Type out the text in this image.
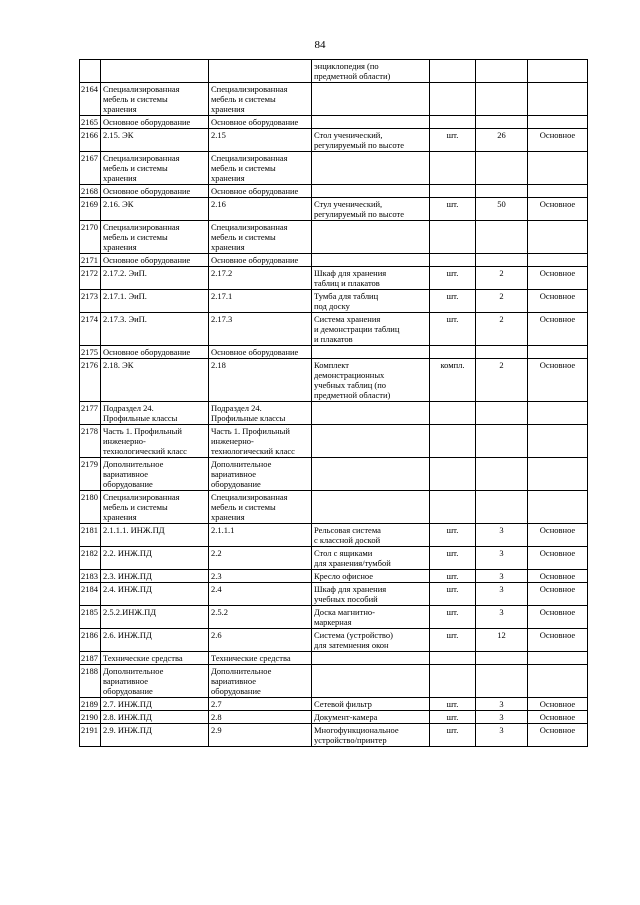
84
			энциклопедия (по
предметной области)			
2164	Специализированная
мебель и системы
хранения	Специализированная
мебель и системы
хранения				
2165	Основное оборудование	Основное оборудование				
2166	2.15. ЭК	2.15	Стол ученический,
регулируемый по высоте	шт.	26	Основное
2167	Специализированная
мебель и системы
хранения	Специализированная
мебель и системы
хранения				
2168	Основное оборудование	Основное оборудование				
2169	2.16. ЭК	2.16	Стул ученический,
регулируемый по высоте	шт.	50	Основное
2170	Специализированная
мебель и системы
хранения	Специализированная
мебель и системы
хранения				
2171	Основное оборудование	Основное оборудование				
2172	2.17.2. ЭиП.	2.17.2	Шкаф для хранения
таблиц и плакатов	шт.	2	Основное
2173	2.17.1. ЭиП.	2.17.1	Тумба для таблиц
под доску	шт.	2	Основное
2174	2.17.3. ЭиП.	2.17.3	Система хранения
и демонстрации таблиц
и плакатов	шт.	2	Основное
2175	Основное оборудование	Основное оборудование				
2176	2.18. ЭК	2.18	Комплект
демонстрационных
учебных таблиц (по
предметной области)	компл.	2	Основное
2177	Подраздел 24.
Профильные классы	Подраздел 24.
Профильные классы				
2178	Часть 1. Профильный
инженерно-
технологический класс	Часть 1. Профильный
инженерно-
технологический класс				
2179	Дополнительное
вариативное
оборудование	Дополнительное
вариативное
оборудование				
2180	Специализированная
мебель и системы
хранения	Специализированная
мебель и системы
хранения				
2181	2.1.1.1. ИНЖ.ПД	2.1.1.1	Рельсовая система
с классной доской	шт.	3	Основное
2182	2.2. ИНЖ.ПД	2.2	Стол с ящиками
для хранения/тумбой	шт.	3	Основное
2183	2.3. ИНЖ.ПД	2.3	Кресло офисное	шт.	3	Основное
2184	2.4. ИНЖ.ПД	2.4	Шкаф для хранения
учебных пособий	шт.	3	Основное
2185	2.5.2.ИНЖ.ПД	2.5.2	Доска магнитно-
маркерная	шт.	3	Основное
2186	2.6. ИНЖ.ПД	2.6	Система (устройство)
для затемнения окон	шт.	12	Основное
2187	Технические средства	Технические средства				
2188	Дополнительное
вариативное
оборудование	Дополнительное
вариативное
оборудование				
2189	2.7. ИНЖ.ПД	2.7	Сетевой фильтр	шт.	3	Основное
2190	2.8. ИНЖ.ПД	2.8	Документ-камера	шт.	3	Основное
2191	2.9. ИНЖ.ПД	2.9	Многофункциональное
устройство/принтер	шт.	3	Основное
